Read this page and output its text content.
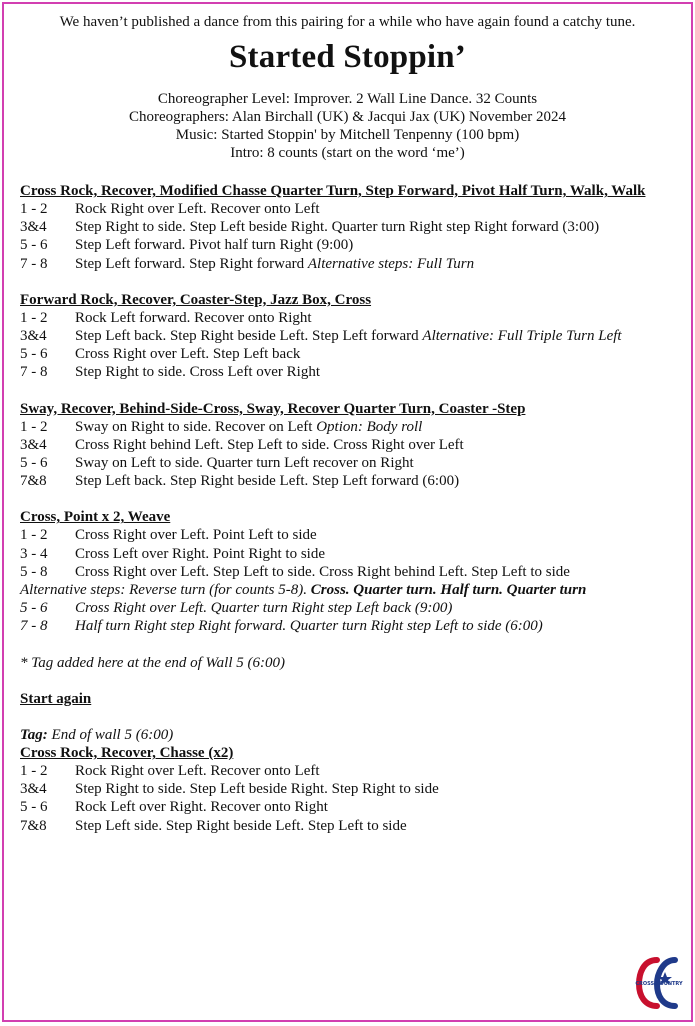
We haven’t published a dance from this pairing for a while who have again found a catchy tune.
Started Stoppin’
Choreographer Level: Improver. 2 Wall Line Dance. 32 Counts
Choreographers: Alan Birchall (UK) & Jacqui Jax (UK) November 2024
Music: Started Stoppin' by Mitchell Tenpenny (100 bpm)
Intro: 8 counts (start on the word ‘me’)
Cross Rock, Recover, Modified Chasse Quarter Turn, Step Forward, Pivot Half Turn, Walk, Walk
1 - 2	Rock Right over Left. Recover onto Left
3&4	Step Right to side. Step Left beside Right. Quarter turn Right step Right forward (3:00)
5 - 6	Step Left forward. Pivot half turn Right (9:00)
7 - 8	Step Left forward. Step Right forward Alternative steps: Full Turn
Forward Rock, Recover, Coaster-Step, Jazz Box, Cross
1 - 2	Rock Left forward. Recover onto Right
3&4	Step Left back. Step Right beside Left. Step Left forward Alternative: Full Triple Turn Left
5 - 6	Cross Right over Left. Step Left back
7 - 8	Step Right to side. Cross Left over Right
Sway, Recover, Behind-Side-Cross, Sway, Recover Quarter Turn, Coaster -Step
1 - 2	Sway on Right to side. Recover on Left Option: Body roll
3&4	Cross Right behind Left. Step Left to side. Cross Right over Left
5 - 6	Sway on Left to side. Quarter turn Left recover on Right
7&8	Step Left back. Step Right beside Left. Step Left forward (6:00)
Cross, Point x 2, Weave
1 - 2	Cross Right over Left. Point Left to side
3 - 4	Cross Left over Right. Point Right to side
5 - 8	Cross Right over Left. Step Left to side. Cross Right behind Left. Step Left to side
Alternative steps: Reverse turn (for counts 5-8). Cross. Quarter turn. Half turn. Quarter turn
5 - 6	Cross Right over Left. Quarter turn Right step Left back (9:00)
7 - 8	Half turn Right step Right forward. Quarter turn Right step Left to side (6:00)
* Tag added here at the end of Wall 5 (6:00)
Start again
Tag: End of wall 5 (6:00)
Cross Rock, Recover, Chasse (x2)
1 - 2	Rock Right over Left. Recover onto Left
3&4	Step Right to side. Step Left beside Right. Step Right to side
5 - 6	Rock Left over Right. Recover onto Right
7&8	Step Left side. Step Right beside Left. Step Left to side
CROSS COUNTRY
